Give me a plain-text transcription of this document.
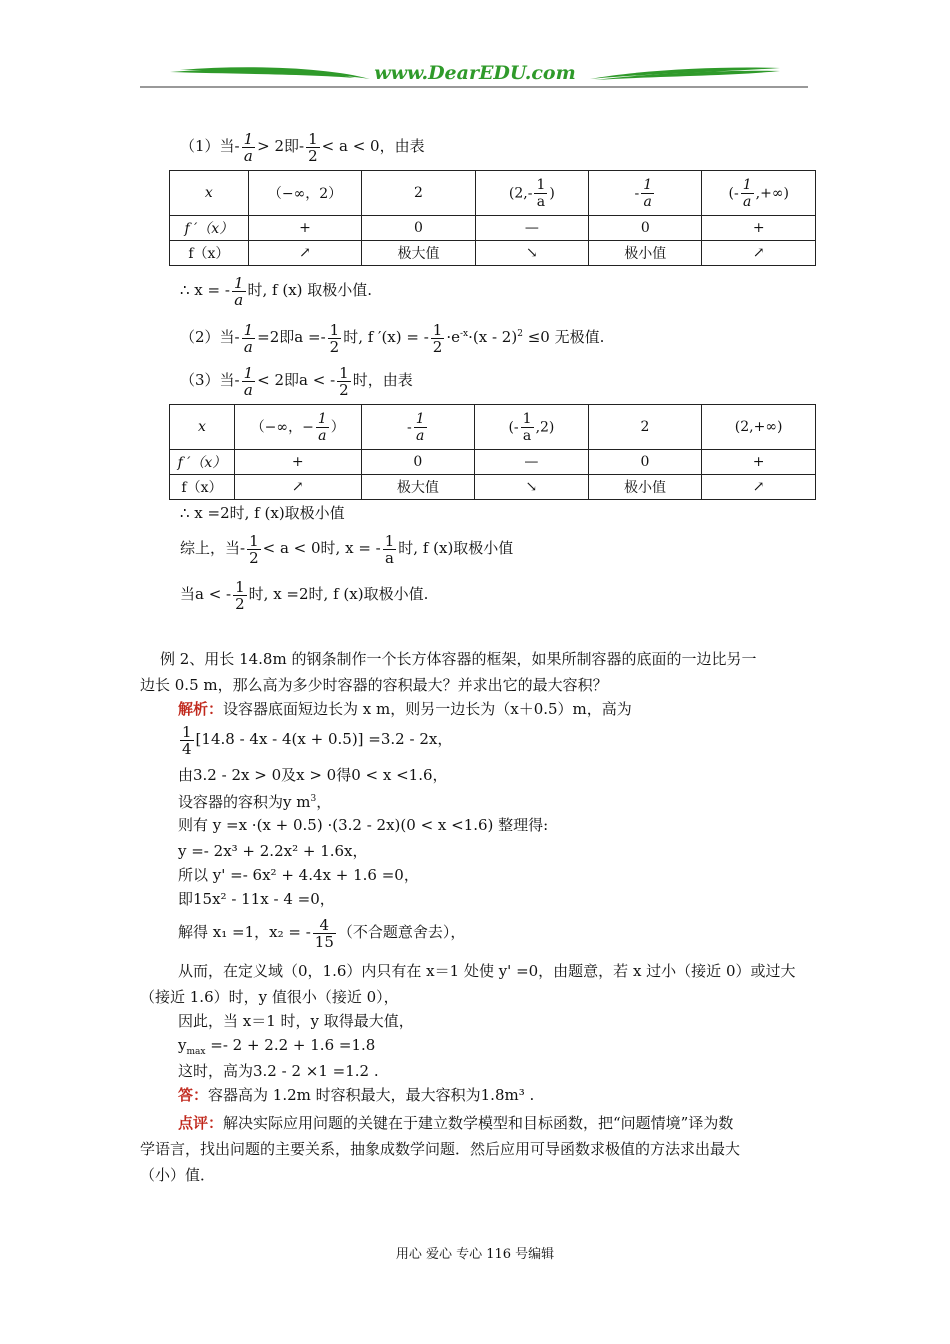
www.DearEDU.com
（1）当- $\frac{1}{a} > 2$即- $\frac{1}{2} < a < 0$，由表
x	（−∞，2）	2	($2,- \frac{1}{a}$ )	- $\frac{1}{a}$	(- $\frac{1}{a}$ ,+∞)
f ′（x）	+	0	—	0	+
f（x）	↗	极大值	↘	极小值	↗
∴ x = - $\frac{1}{a}$ 时, f (x) 取极小值.
（2）当- $\frac{1}{a} =2$即$a =- \frac{1}{2}$ 时, f ′(x) = - $\frac{1}{2} \cdot e^{-x}\cdot(x - 2)^2 \le 0$ 无极值.
（3）当- $\frac{1}{a} < 2$即a < - $\frac{1}{2}$ 时，由表
x	（−∞，− $\frac{1}{a}$ ）	- $\frac{1}{a}$	(- $\frac{1}{a} ,2$)	2	(2,+∞)
f ′（x）	+	0	—	0	+
f（x）	↗	极大值	↘	极小值	↗
∴ x =2时, f (x)取极小值
综上，当- $\frac{1}{2} < a < 0$时, x = - $\frac{1}{a}$ 时, f (x)取极小值
当a < - $\frac{1}{2}$ 时, x =2时, f (x)取极小值.
例 2、用长 14.8m 的钢条制作一个长方体容器的框架，如果所制容器的底面的一边比另一
边长 0.5 m，那么高为多少时容器的容积最大？并求出它的最大容积？
解析：设容器底面短边长为 x m，则另一边长为（x＋0.5）m，高为
$\frac{1}{4} [14.8 - 4x - 4(x + 0.5)] =3.2 - 2x$，
由3.2 - 2x > 0及x > 0得0 < x <1.6，
设容器的容积为y $m^3$，
则有 y =x ·(x + 0.5) ·(3.2 - 2x)(0 < x <1.6) 整理得:
y =- 2x³ + 2.2x² + 1.6x，
所以 y' =- 6x² + 4.4x + 1.6 =0，
即15x² - 11x - 4 =0，
解得 x₁ =1，x₂ = - $\frac{4}{15}$ （不合题意舍去），
从而，在定义域（0，1.6）内只有在 x＝1 处使 y' =0，由题意，若 x 过小（接近 0）或过大
（接近 1.6）时，y 值很小（接近 0），
因此，当 x＝1 时，y 取得最大值，
$y_{max} =- 2 + 2.2 + 1.6 =1.8$
这时，高为3.2 - 2 ×1 =1.2 .
答：容器高为 1.2m 时容积最大，最大容积为1.8m³ .
点评：解决实际应用问题的关键在于建立数学模型和目标函数，把“问题情境”译为数
学语言，找出问题的主要关系，抽象成数学问题．然后应用可导函数求极值的方法求出最大
（小）值．
用心 爱心 专心 116 号编辑
